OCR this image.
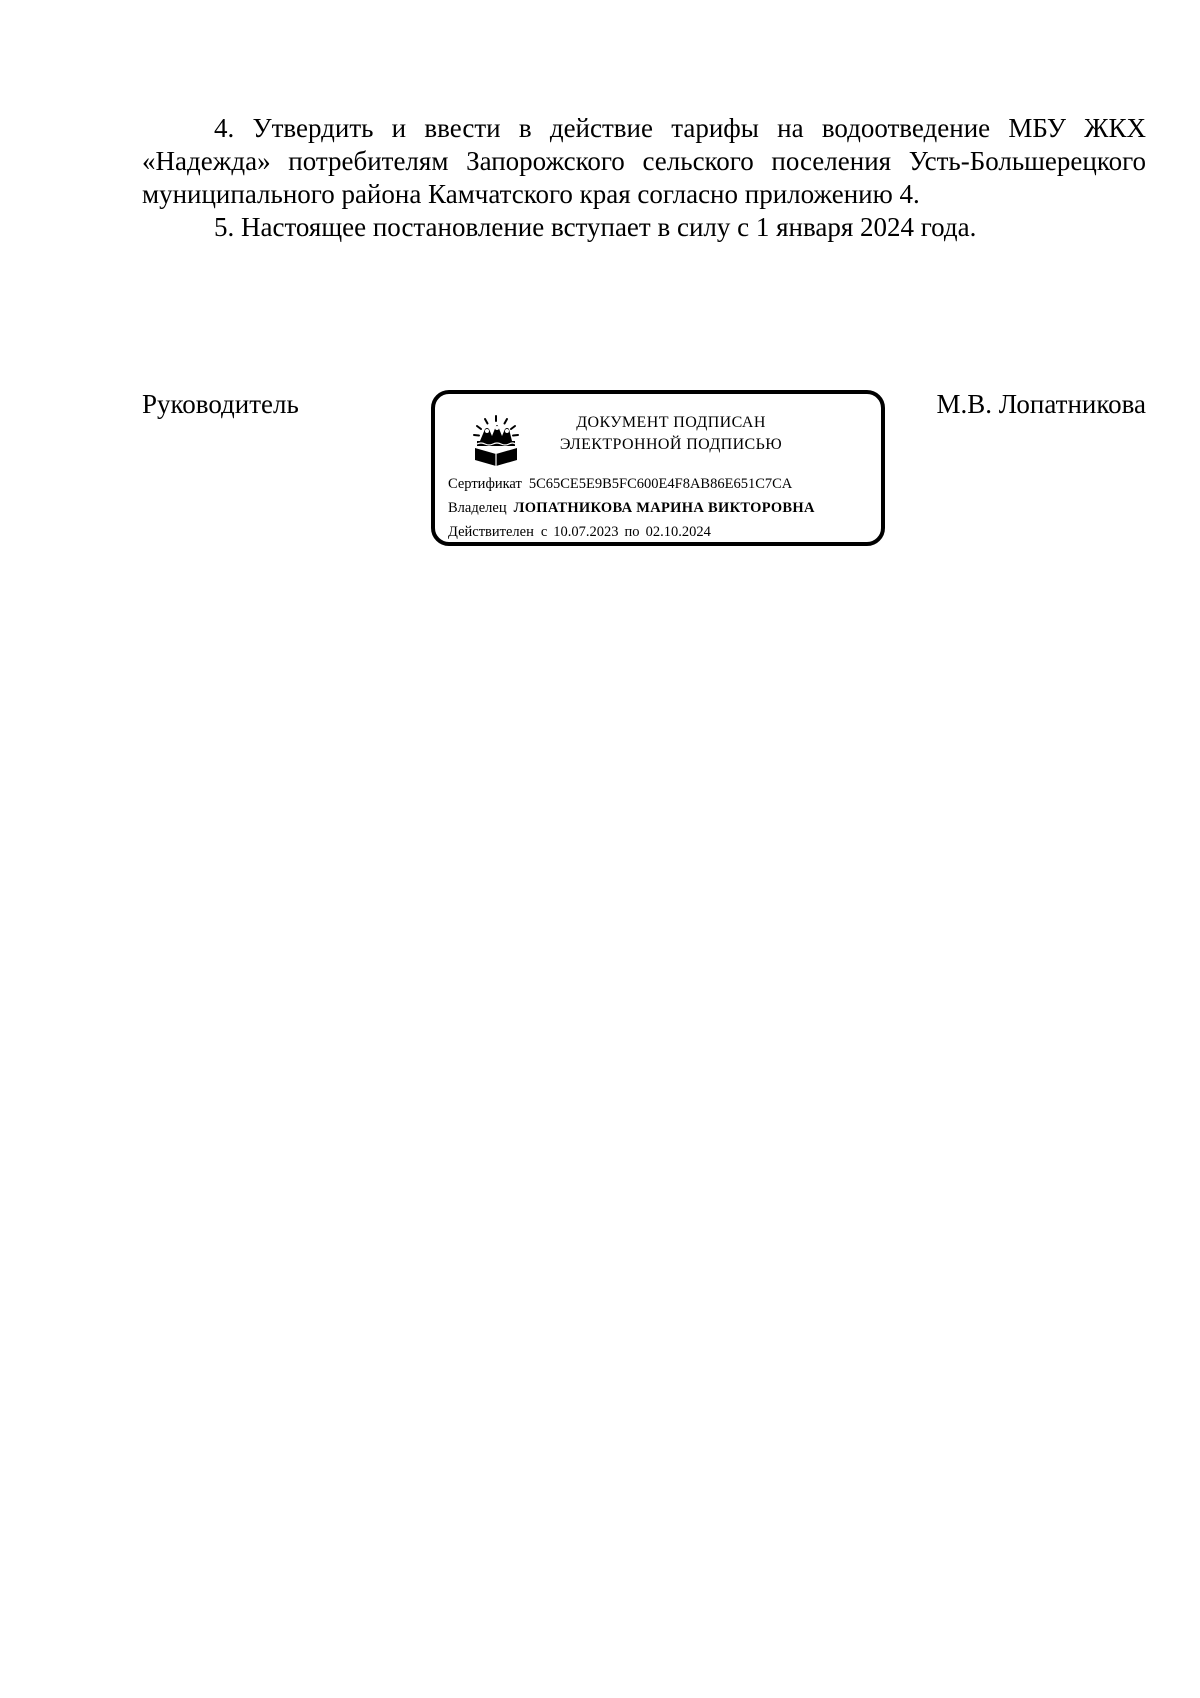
4. Утвердить и ввести в действие тарифы на водоотведение МБУ ЖКХ «Надежда» потребителям Запорожского сельского поселения Усть-Большерецкого муниципального района Камчатского края согласно приложению 4.

5. Настоящее постановление вступает в силу с 1 января 2024 года.

Руководитель	М.В. Лопатникова
ДОКУМЕНТ ПОДПИСАН
ЭЛЕКТРОННОЙ ПОДПИСЬЮ

Сертификат 5C65CE5E9B5FC600E4F8AB86E651C7CA

Владелец ЛОПАТНИКОВА МАРИНА ВИКТОРОВНА

Действителен с 10.07.2023 по 02.10.2024
